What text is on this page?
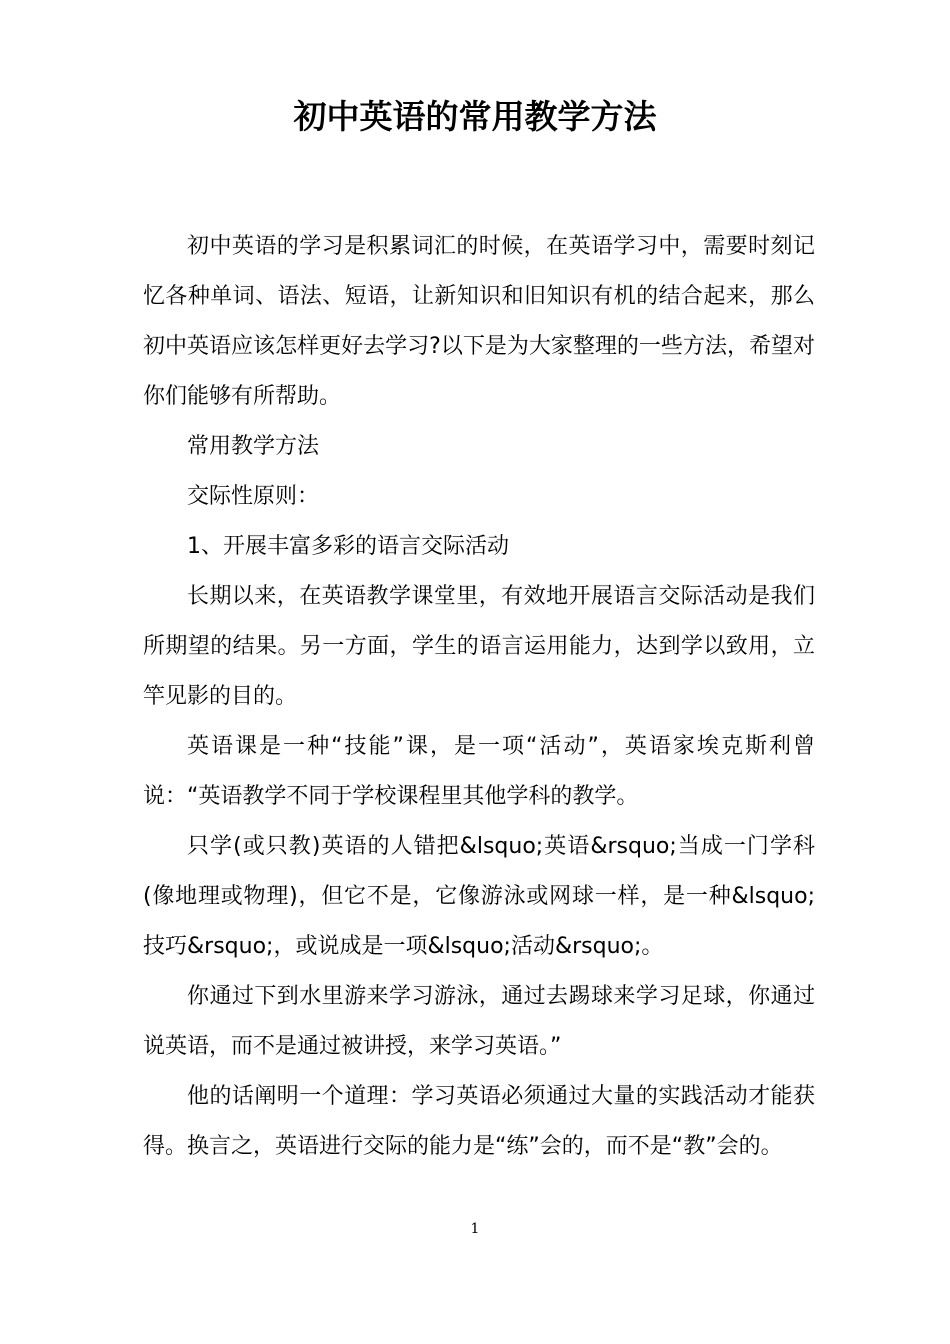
初中英语的常用教学方法

初中英语的学习是积累词汇的时候，在英语学习中，需要时刻记忆各种单词、语法、短语，让新知识和旧知识有机的结合起来，那么初中英语应该怎样更好去学习?以下是为大家整理的一些方法，希望对你们能够有所帮助。

常用教学方法

交际性原则：

1、开展丰富多彩的语言交际活动

长期以来，在英语教学课堂里，有效地开展语言交际活动是我们所期望的结果。另一方面，学生的语言运用能力，达到学以致用，立竿见影的目的。

英语课是一种“技能”课，是一项“活动”，英语家埃克斯利曾说：“英语教学不同于学校课程里其他学科的教学。

只学(或只教)英语的人错把&lsquo;英语&rsquo;当成一门学科(像地理或物理)，但它不是，它像游泳或网球一样，是一种&lsquo;技巧&rsquo;，或说成是一项&lsquo;活动&rsquo;。

你通过下到水里游来学习游泳，通过去踢球来学习足球，你通过说英语，而不是通过被讲授，来学习英语。”

他的话阐明一个道理：学习英语必须通过大量的实践活动才能获得。换言之，英语进行交际的能力是“练”会的，而不是“教”会的。

1
